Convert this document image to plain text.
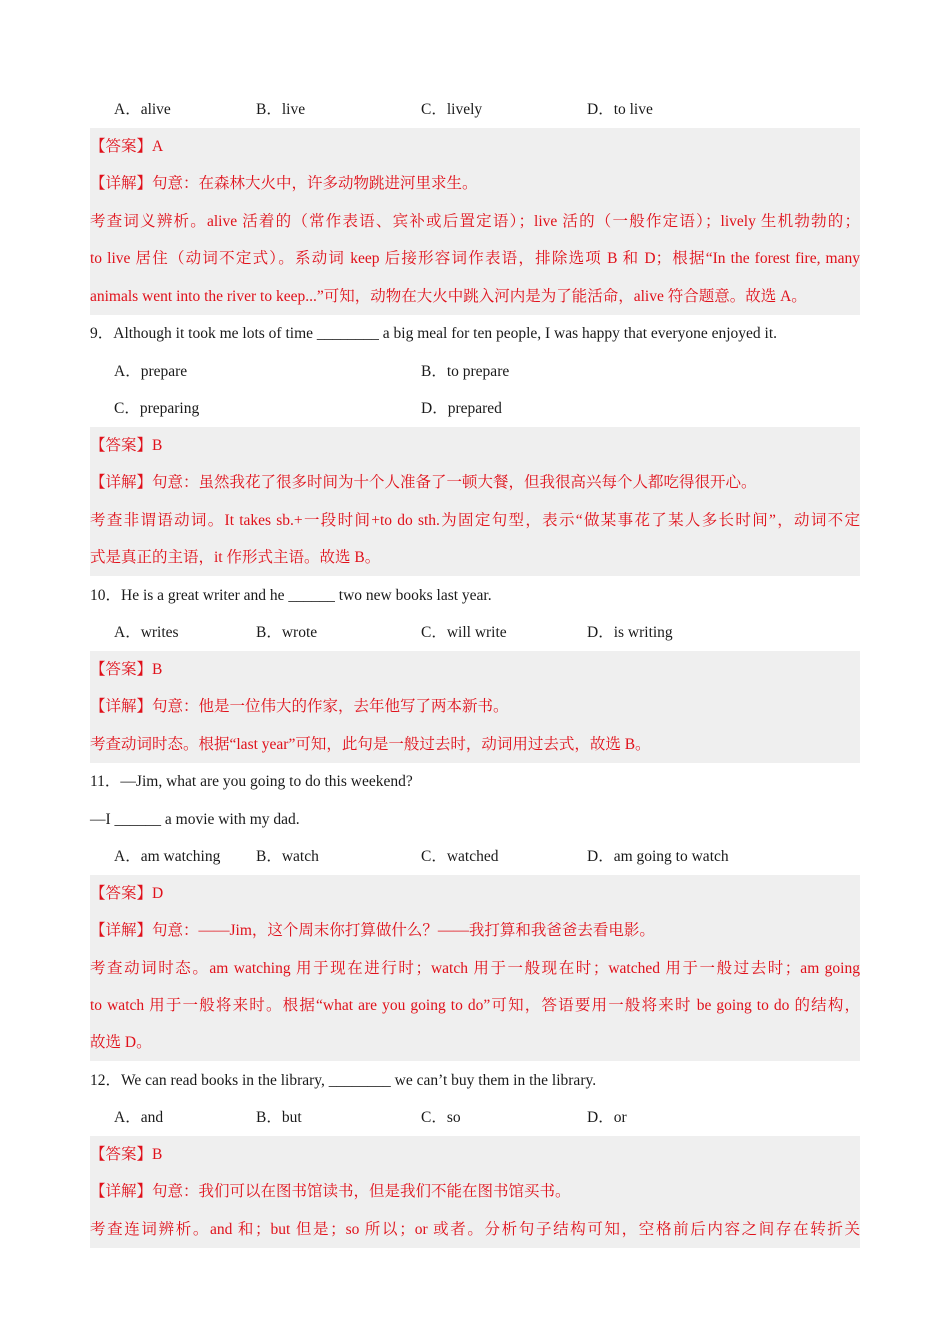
A．alive	B．live	C．lively	D．to live
【答案】A
【详解】句意：在森林大火中，许多动物跳进河里求生。
考查词义辨析。alive 活着的（常作表语、宾补或后置定语）；live 活的（一般作定语）；lively 生机勃勃的；
to live 居住（动词不定式）。系动词 keep 后接形容词作表语，排除选项 B 和 D；根据“In the forest fire, many
animals went into the river to keep...”可知，动物在大火中跳入河内是为了能活命，alive 符合题意。故选 A。
9．Although it took me lots of time ________ a big meal for ten people, I was happy that everyone enjoyed it.
A．prepare	B．to prepare
C．preparing	D．prepared
【答案】B
【详解】句意：虽然我花了很多时间为十个人准备了一顿大餐，但我很高兴每个人都吃得很开心。
考查非谓语动词。It takes sb.+一段时间+to do sth.为固定句型，表示“做某事花了某人多长时间”，动词不定
式是真正的主语，it 作形式主语。故选 B。
10．He is a great writer and he ______ two new books last year.
A．writes	B．wrote	C．will write	D．is writing
【答案】B
【详解】句意：他是一位伟大的作家，去年他写了两本新书。
考查动词时态。根据“last year”可知，此句是一般过去时，动词用过去式，故选 B。
11．—Jim, what are you going to do this weekend?
—I ______ a movie with my dad.
A．am watching B．watch	C．watched	D．am going to watch
【答案】D
【详解】句意：——Jim，这个周末你打算做什么？——我打算和我爸爸去看电影。
考查动词时态。am watching 用于现在进行时；watch 用于一般现在时；watched 用于一般过去时；am going
to watch 用于一般将来时。根据“what are you going to do”可知，答语要用一般将来时 be going to do 的结构，
故选 D。
12．We can read books in the library, ________ we can’t buy them in the library.
A．and	B．but	C．so	D．or
【答案】B
【详解】句意：我们可以在图书馆读书，但是我们不能在图书馆买书。
考查连词辨析。and 和；but 但是；so 所以；or 或者。分析句子结构可知，空格前后内容之间存在转折关
